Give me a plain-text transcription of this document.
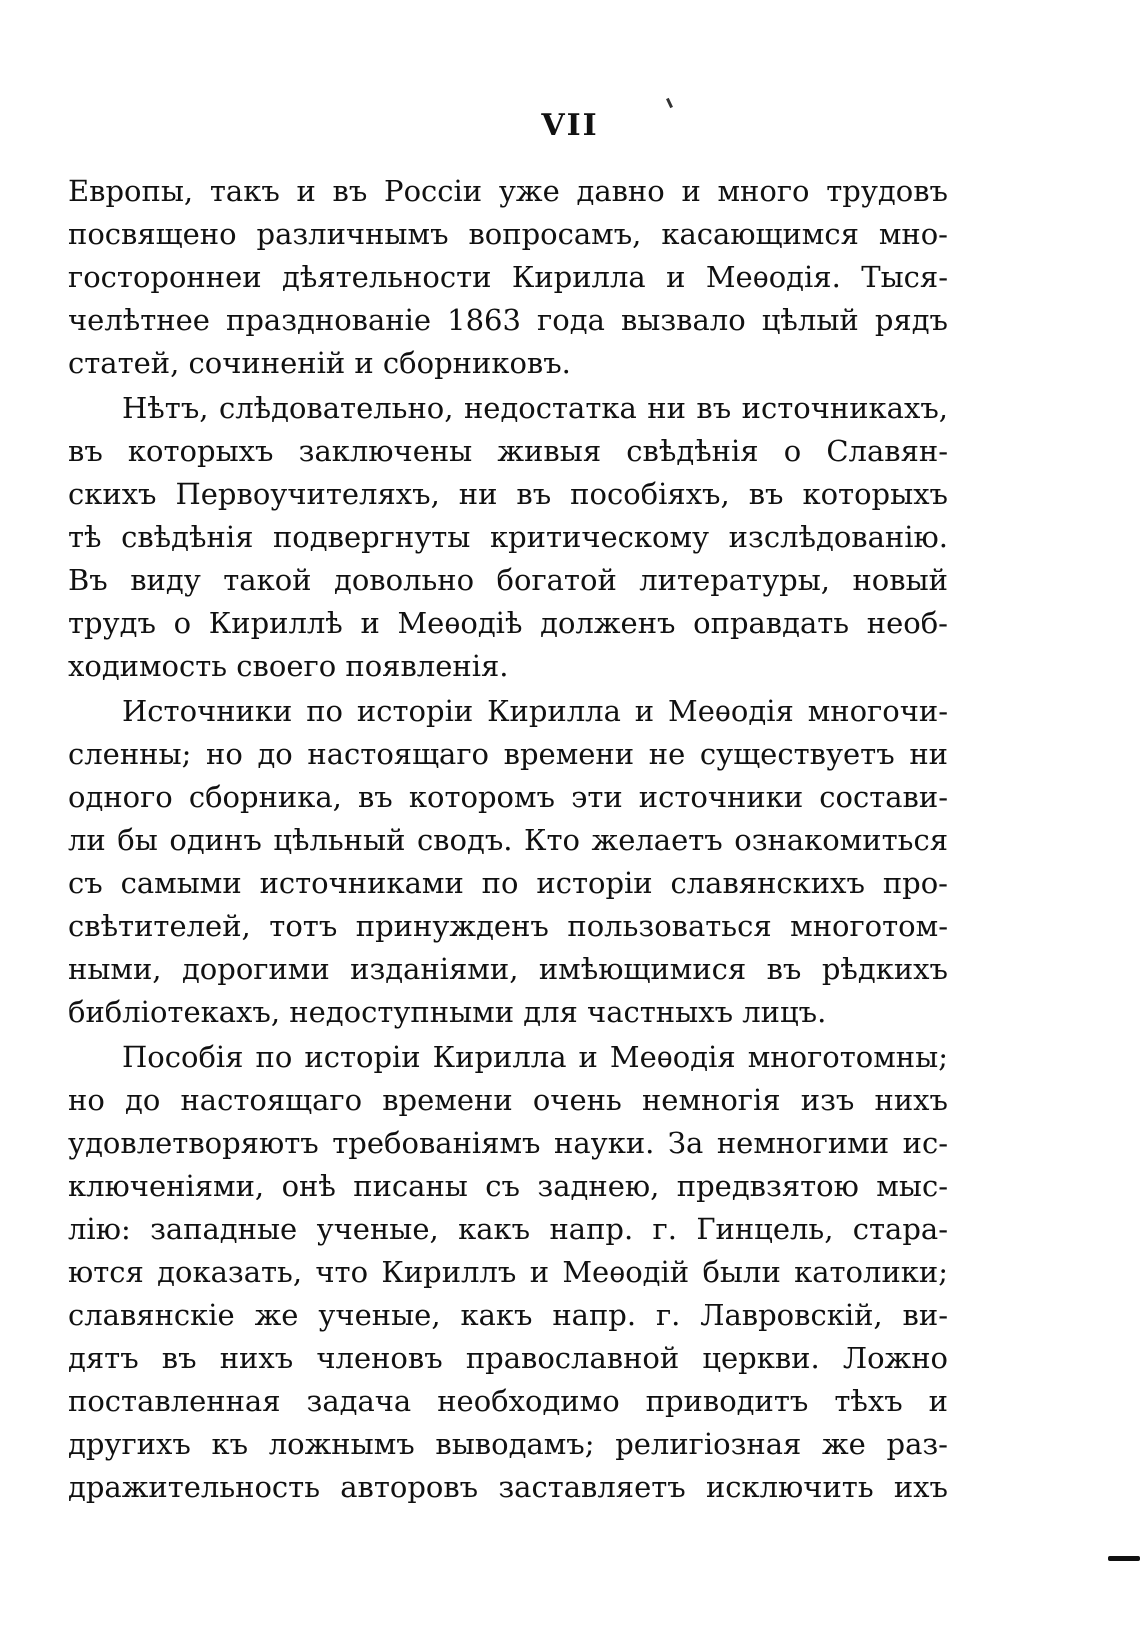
VII
Европы, такъ и въ Россіи уже давно и много трудовъ
посвящено различнымъ вопросамъ, касающимся мно-
гостороннеи дѣятельности Кирилла и Меѳодія. Тыся-
челѣтнее празднованіе 1863 года вызвало цѣлый рядъ
статей, сочиненій и сборниковъ.
Нѣтъ, слѣдовательно, недостатка ни въ источникахъ,
въ которыхъ заключены живыя свѣдѣнія о Славян-
скихъ Первоучителяхъ, ни въ пособіяхъ, въ которыхъ
тѣ свѣдѣнія подвергнуты критическому изслѣдованію.
Въ виду такой довольно богатой литературы, новый
трудъ о Кириллѣ и Меѳодіѣ долженъ оправдать необ-
ходимость своего появленія.
Источники по исторіи Кирилла и Меѳодія многочи-
сленны; но до настоящаго времени не существуетъ ни
одного сборника, въ которомъ эти источники состави-
ли бы одинъ цѣльный сводъ. Кто желаетъ ознакомиться
съ самыми источниками по исторіи славянскихъ про-
свѣтителей, тотъ принужденъ пользоваться многотом-
ными, дорогими изданіями, имѣющимися въ рѣдкихъ
библіотекахъ, недоступными для частныхъ лицъ.
Пособія по исторіи Кирилла и Меѳодія многотомны;
но до настоящаго времени очень немногія изъ нихъ
удовлетворяютъ требованіямъ науки. За немногими ис-
ключеніями, онѣ писаны съ заднею, предвзятою мыс-
лію: западные ученые, какъ напр. г. Гинцель, стара-
ются доказать, что Кириллъ и Меѳодій были католики;
славянскіе же ученые, какъ напр. г. Лавровскій, ви-
дятъ въ нихъ членовъ православной церкви. Ложно
поставленная задача необходимо приводитъ тѣхъ и
другихъ къ ложнымъ выводамъ; религіозная же раз-
дражительность авторовъ заставляетъ исключить ихъ
